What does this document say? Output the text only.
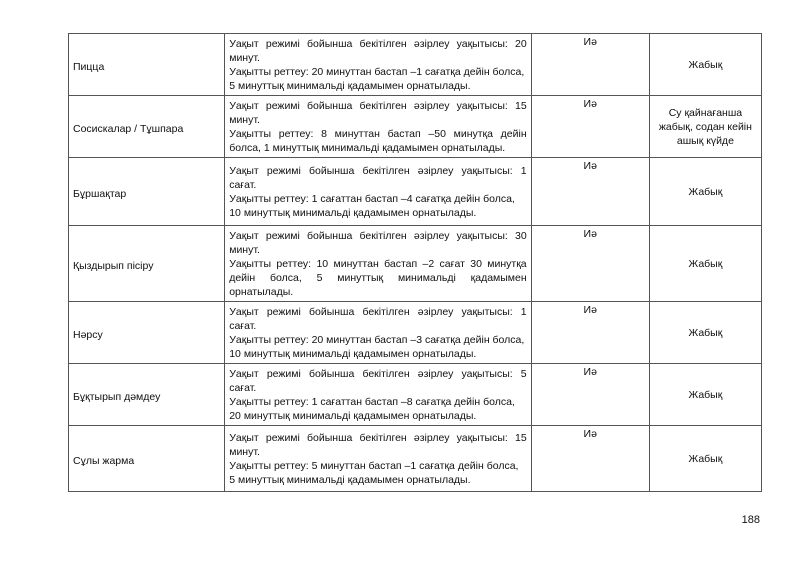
Пицца	Уақыт режимі бойынша бекітілген әзірлеу уақытысы: 20
минут.
Уақытты реттеу: 20 минуттан бастап –1 сағатқа дейін болса,
5 минуттық минимальді қадамымен орнатылады.	Иә	Жабық
Сосискалар / Тұшпара	Уақыт режимі бойынша бекітілген әзірлеу уақытысы: 15
минут.
Уақытты реттеу: 8 минуттан бастап –50 минутқа дейін болса, 1 минуттық минимальді қадамымен орнатылады.	Иә	Су қайнағанша жабық, содан кейін ашық күйде
Бұршақтар	Уақыт режимі бойынша бекітілген әзірлеу уақытысы: 1
сағат.
Уақытты реттеу: 1 сағаттан бастап –4 сағатқа дейін болса,
10 минуттық минимальді қадамымен орнатылады.	Иә	Жабық
Қыздырып пісіру	Уақыт режимі бойынша бекітілген әзірлеу уақытысы: 30
минут.
Уақытты реттеу: 10 минуттан бастап –2 сағат 30 минутқа дейін болса, 5 минуттық минимальді қадамымен орнатылады.	Иә	Жабық
Нәрсу	Уақыт режимі бойынша бекітілген әзірлеу уақытысы: 1
сағат.
Уақытты реттеу: 20 минуттан бастап –3 сағатқа дейін болса,
10 минуттық минимальді қадамымен орнатылады.	Иә	Жабық
Бұқтырып дәмдеу	Уақыт режимі бойынша бекітілген әзірлеу уақытысы: 5
сағат.
Уақытты реттеу: 1 сағаттан бастап –8 сағатқа дейін болса,
20 минуттық минимальді қадамымен орнатылады.	Иә	Жабық
Сұлы жарма	Уақыт режимі бойынша бекітілген әзірлеу уақытысы: 15
минут.
Уақытты реттеу: 5 минуттан бастап –1 сағатқа дейін болса,
5 минуттық минимальді қадамымен орнатылады.	Иә	Жабық
188
